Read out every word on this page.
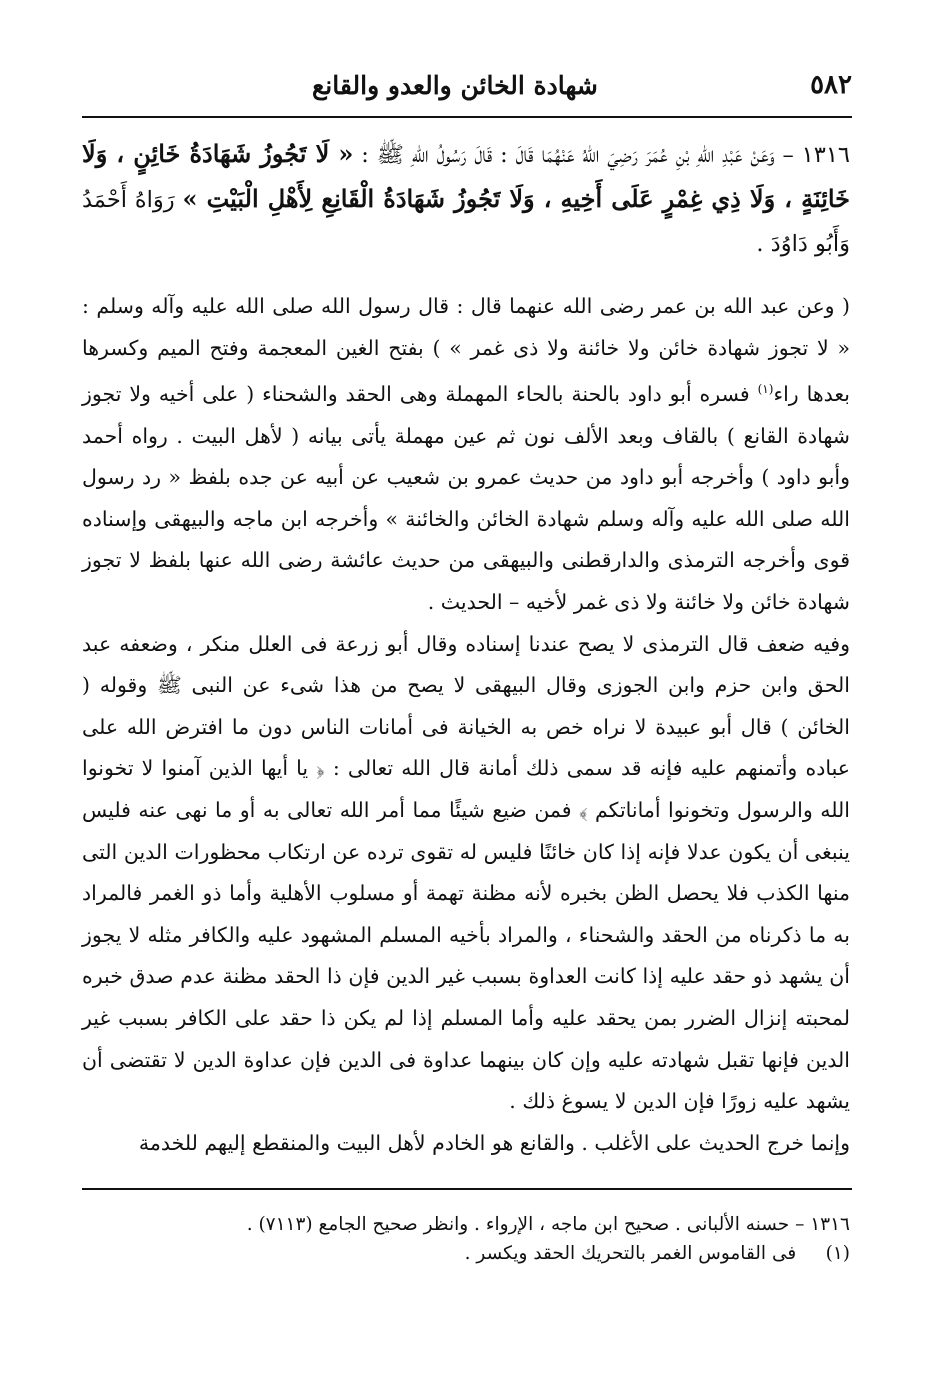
٥٨٢
شهادة الخائن والعدو والقانع
١٣١٦ – وَعَنْ عَبْدِ اللهِ بْنِ عُمَرَ رَضِيَ اللهُ عَنْهُمَا قَالَ : قَالَ رَسُولُ اللهِ ﷺ : « لَا تَجُوزُ شَهَادَةُ خَائِنٍ ، وَلَا خَائِنَةٍ ، وَلَا ذِي غِمْرٍ عَلَى أَخِيهِ ، وَلَا تَجُوزُ شَهَادَةُ الْقَانِعِ لِأَهْلِ الْبَيْتِ » رَوَاهُ أَحْمَدُ وَأَبُو دَاوُدَ .

( وعن عبد الله بن عمر رضى الله عنهما قال : قال رسول الله صلى الله عليه وآله وسلم : « لا تجوز شهادة خائن ولا خائنة ولا ذى غمر » ) بفتح الغين المعجمة وفتح الميم وكسرها بعدها راء$^{(١)}$ فسره أبو داود بالحنة بالحاء المهملة وهى الحقد والشحناء ( على أخيه ولا تجوز شهادة القانع ) بالقاف وبعد الألف نون ثم عين مهملة يأتى بيانه ( لأهل البيت . رواه أحمد وأبو داود ) وأخرجه أبو داود من حديث عمرو بن شعيب عن أبيه عن جده بلفظ « رد رسول الله صلى الله عليه وآله وسلم شهادة الخائن والخائنة » وأخرجه ابن ماجه والبيهقى وإسناده قوى وأخرجه الترمذى والدارقطنى والبيهقى من حديث عائشة رضى الله عنها بلفظ لا تجوز شهادة خائن ولا خائنة ولا ذى غمر لأخيه – الحديث .

وفيه ضعف قال الترمذى لا يصح عندنا إسناده وقال أبو زرعة فى العلل منكر ، وضعفه عبد الحق وابن حزم وابن الجوزى وقال البيهقى لا يصح من هذا شىء عن النبى ﷺ وقوله ( الخائن ) قال أبو عبيدة لا نراه خص به الخيانة فى أمانات الناس دون ما افترض الله على عباده وأتمنهم عليه فإنه قد سمى ذلك أمانة قال الله تعالى : ﴿ يا أيها الذين آمنوا لا تخونوا الله والرسول وتخونوا أماناتكم ﴾ فمن ضيع شيئًا مما أمر الله تعالى به أو ما نهى عنه فليس ينبغى أن يكون عدلا فإنه إذا كان خائنًا فليس له تقوى ترده عن ارتكاب محظورات الدين التى منها الكذب فلا يحصل الظن بخبره لأنه مظنة تهمة أو مسلوب الأهلية وأما ذو الغمر فالمراد به ما ذكرناه من الحقد والشحناء ، والمراد بأخيه المسلم المشهود عليه والكافر مثله لا يجوز أن يشهد ذو حقد عليه إذا كانت العداوة بسبب غير الدين فإن ذا الحقد مظنة عدم صدق خبره لمحبته إنزال الضرر بمن يحقد عليه وأما المسلم إذا لم يكن ذا حقد على الكافر بسبب غير الدين فإنها تقبل شهادته عليه وإن كان بينهما عداوة فى الدين فإن عداوة الدين لا تقتضى أن يشهد عليه زورًا فإن الدين لا يسوغ ذلك .

وإنما خرج الحديث على الأغلب . والقانع هو الخادم لأهل البيت والمنقطع إليهم للخدمة

١٣١٦ – حسنه الألبانى . صحيح ابن ماجه ، الإرواء . وانظر صحيح الجامع (٧١١٣) .
(١)     فى القاموس الغمر بالتحريك الحقد ويكسر .
